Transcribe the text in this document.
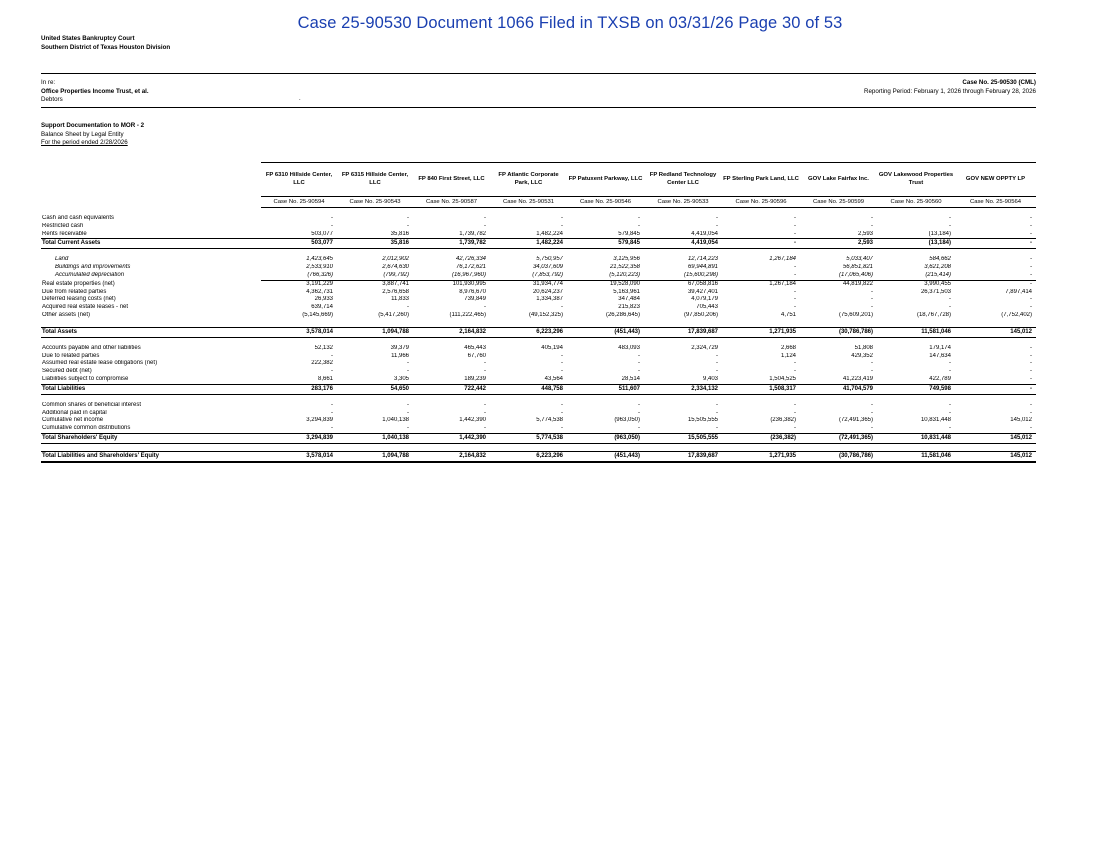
Case 25-90530 Document 1066 Filed in TXSB on 03/31/26 Page 30 of 53
United States Bankruptcy Court
Southern District of Texas Houston Division
In re:
Office Properties Income Trust, et al.
Debtors	.
Case No. 25-90530 (CML)
Reporting Period: February 1, 2026 through February 28, 2026
Support Documentation to MOR - 2
Balance Sheet by Legal Entity
For the period ended 2/28/2026
	FP 6310 Hillside Center, LLC	FP 6315 Hillside Center, LLC	FP 840 First Street, LLC	FP Atlantic Corporate Park, LLC	FP Patuxent Parkway, LLC	FP Redland Technology Center LLC	FP Sterling Park Land, LLC	GOV Lake Fairfax Inc.	GOV Lakewood Properties Trust	GOV NEW OPPTY LP
	Case No. 25-90594	Case No. 25-90543	Case No. 25-90587	Case No. 25-90531	Case No. 25-90546	Case No. 25-90533	Case No. 25-90596	Case No. 25-90599	Case No. 25-90560	Case No. 25-90564

Cash and cash equivalents	-	-	-	-	-	-	-	-	-	-
Restricted cash	-	-	-	-	-	-	-	-	-	-
Rents receivable	503,077	35,816	1,739,782	1,482,224	579,845	4,419,054	-	2,593	(13,184)	-
Total Current Assets	503,077	35,816	1,739,782	1,482,224	579,845	4,419,054	-	2,593	(13,184)	-

Land	1,423,645	2,012,902	42,726,334	5,750,957	3,125,956	12,714,223	1,267,184	5,033,407	584,662	-
Buildings and improvements	2,533,910	2,674,630	76,172,621	34,037,609	21,522,358	69,944,891	-	56,851,821	3,621,208	-
Accumulated depreciation	(766,326)	(799,792)	(16,967,960)	(7,853,792)	(5,120,223)	(15,600,298)	-	(17,065,406)	(215,414)	-
Real estate properties (net)	3,191,229	3,887,741	101,930,995	31,934,774	19,528,090	67,058,816	1,267,184	44,819,822	3,990,455	-
Due from related parties	4,362,731	2,576,658	8,976,670	20,624,237	5,163,961	39,427,401	-	-	26,371,503	7,897,414
Deferred leasing costs (net)	26,933	11,833	739,849	1,334,387	347,484	4,079,179	-	-	-	-
Acquired real estate leases - net	639,714	-	-	-	215,823	705,443	-	-	-	-
Other assets (net)	(5,145,669)	(5,417,260)	(111,222,465)	(49,152,325)	(26,286,645)	(97,850,206)	4,751	(75,609,201)	(18,767,728)	(7,752,402)

Total Assets	3,578,014	1,094,788	2,164,832	6,223,296	(451,443)	17,839,687	1,271,935	(30,786,786)	11,581,046	145,012

Accounts payable and other liabilities	52,132	39,379	465,443	405,194	483,093	2,324,729	2,668	51,808	179,174	-
Due to related parties	-	11,966	67,760	-	-	-	1,124	429,352	147,634	-
Assumed real estate lease obligations (net)	222,382	-	-	-	-	-	-	-	-	-
Secured debt (net)	-	-	-	-	-	-	-	-	-	-
Liabilities subject to compromise	8,661	3,305	189,239	43,564	28,514	9,403	1,504,525	41,223,419	422,789	-
Total Liabilities	283,176	54,650	722,442	448,758	511,607	2,334,132	1,508,317	41,704,579	749,598	-

Common shares of beneficial interest	-	-	-	-	-	-	-	-	-	-
Additional paid in capital	-	-	-	-	-	-	-	-	-	-
Cumulative net income	3,294,839	1,040,138	1,442,390	5,774,538	(963,050)	15,505,555	(236,382)	(72,491,365)	10,831,448	145,012
Cumulative common distributions	-	-	-	-	-	-	-	-	-	-
Total Shareholders' Equity	3,294,839	1,040,138	1,442,390	5,774,538	(963,050)	15,505,555	(236,382)	(72,491,365)	10,831,448	145,012

Total Liabilities and Shareholders' Equity	3,578,014	1,094,788	2,164,832	6,223,296	(451,443)	17,839,687	1,271,935	(30,786,786)	11,581,046	145,012
